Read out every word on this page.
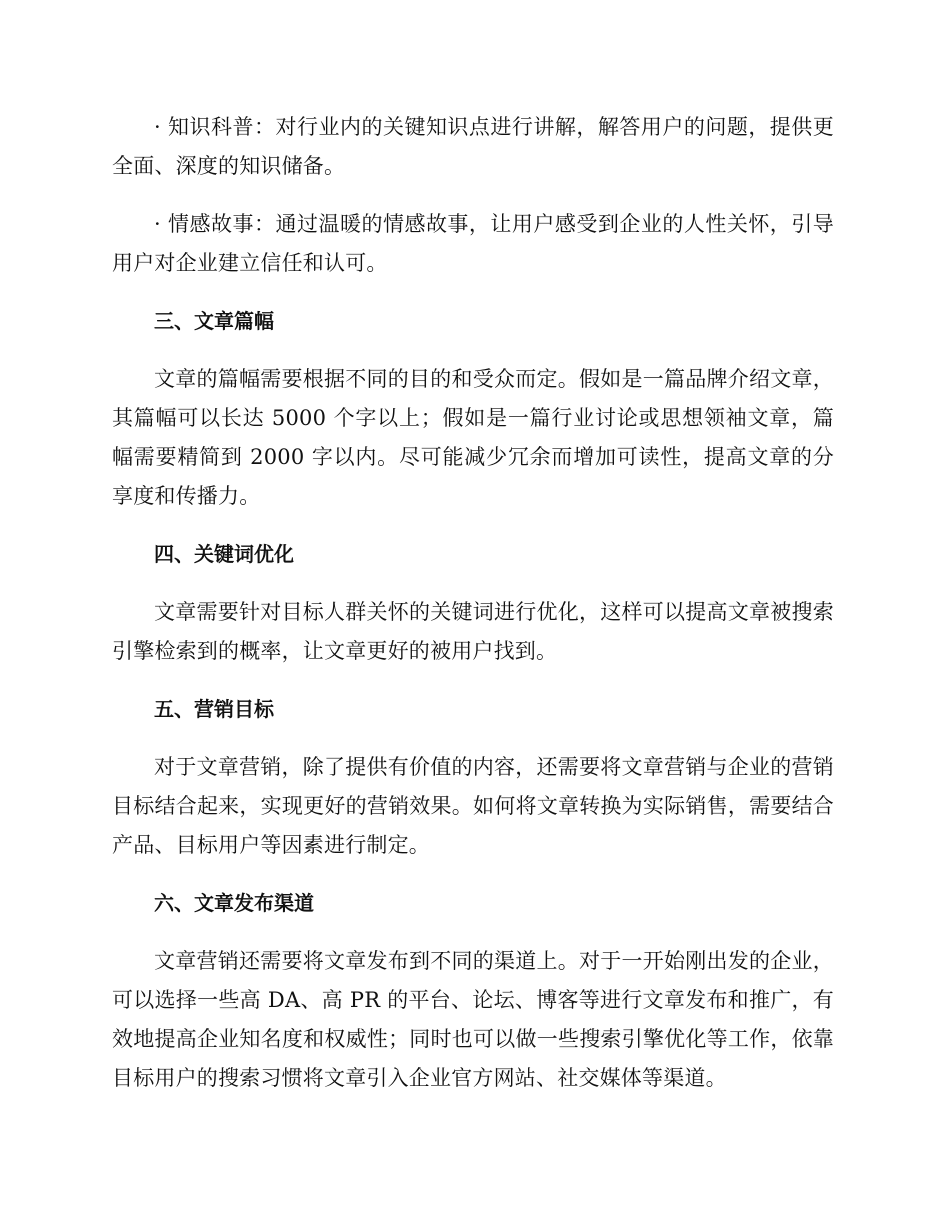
· 知识科普：对行业内的关键知识点进行讲解，解答用户的问题，提供更全面、深度的知识储备。

· 情感故事：通过温暖的情感故事，让用户感受到企业的人性关怀，引导用户对企业建立信任和认可。

三、文章篇幅

文章的篇幅需要根据不同的目的和受众而定。假如是一篇品牌介绍文章，其篇幅可以长达 5000 个字以上；假如是一篇行业讨论或思想领袖文章，篇幅需要精简到 2000 字以内。尽可能减少冗余而增加可读性，提高文章的分享度和传播力。

四、关键词优化

文章需要针对目标人群关怀的关键词进行优化，这样可以提高文章被搜索引擎检索到的概率，让文章更好的被用户找到。

五、营销目标

对于文章营销，除了提供有价值的内容，还需要将文章营销与企业的营销目标结合起来，实现更好的营销效果。如何将文章转换为实际销售，需要结合产品、目标用户等因素进行制定。

六、文章发布渠道

文章营销还需要将文章发布到不同的渠道上。对于一开始刚出发的企业，可以选择一些高 DA、高 PR 的平台、论坛、博客等进行文章发布和推广，有效地提高企业知名度和权威性；同时也可以做一些搜索引擎优化等工作，依靠目标用户的搜索习惯将文章引入企业官方网站、社交媒体等渠道。
